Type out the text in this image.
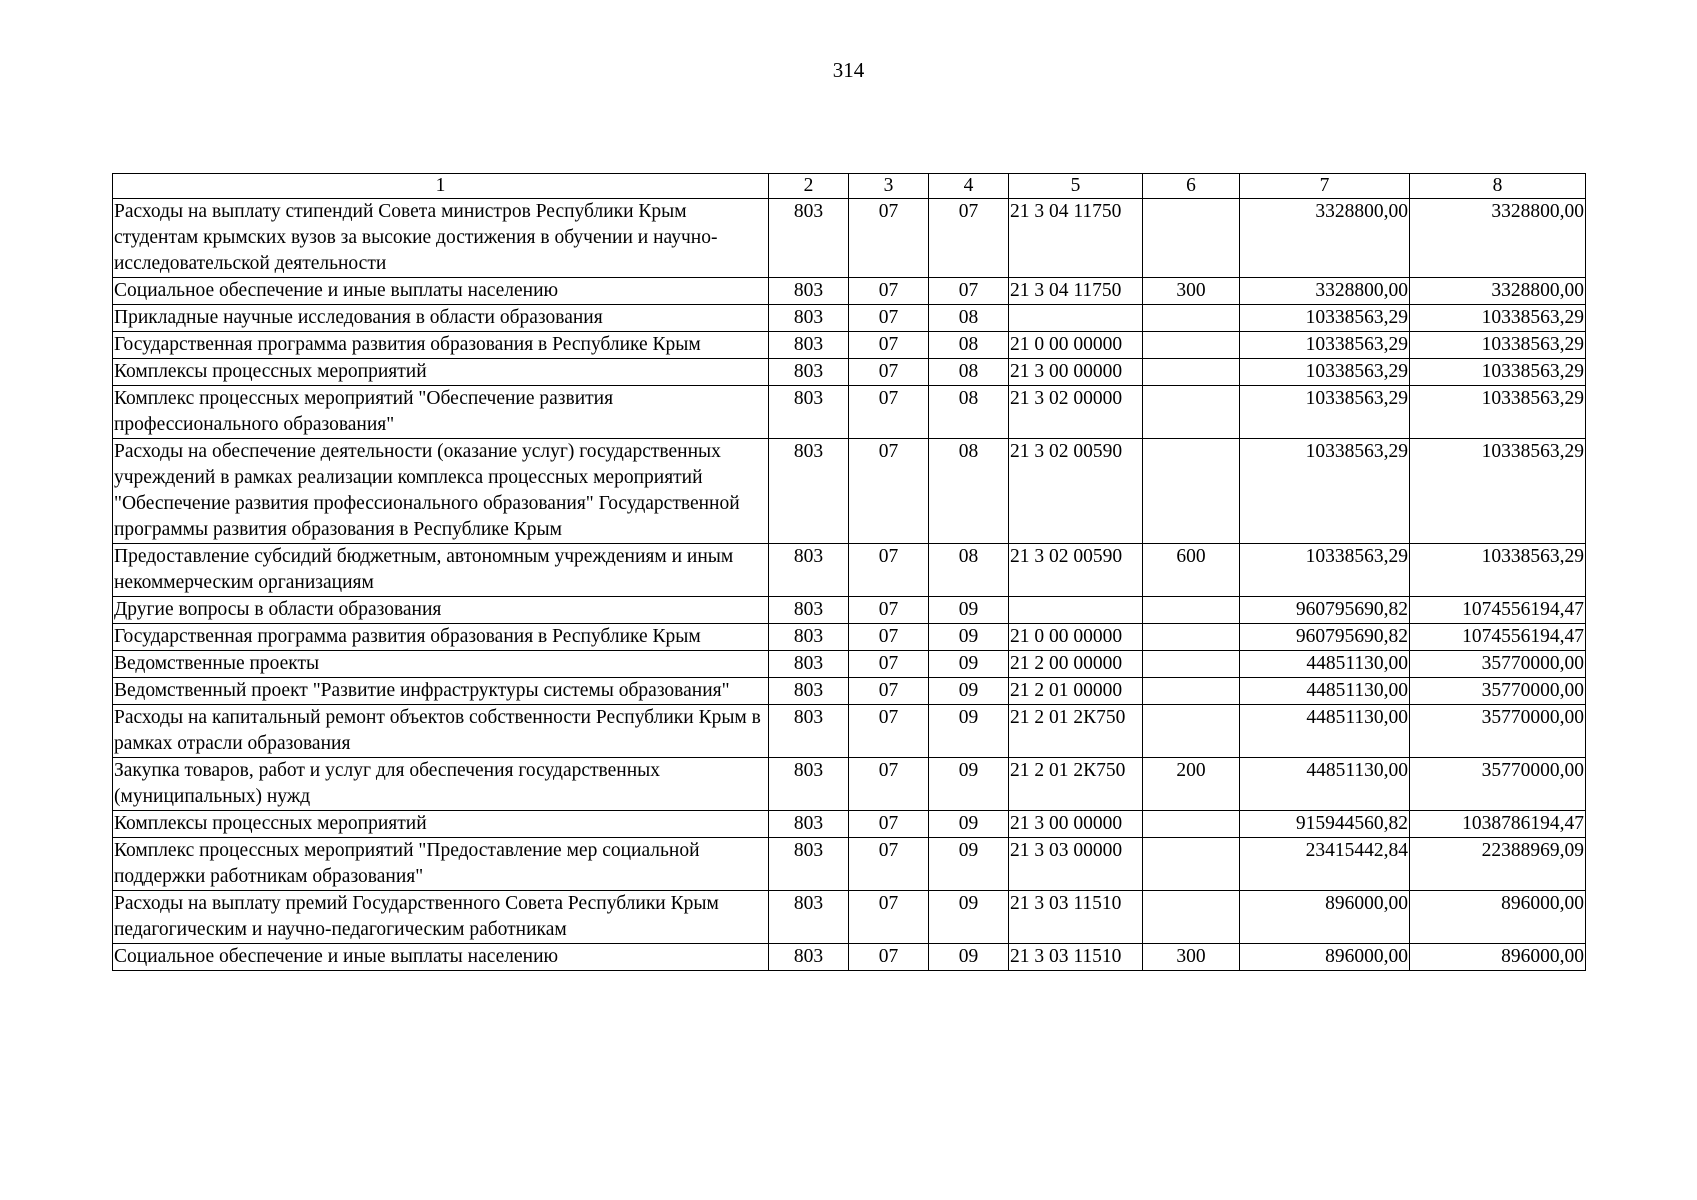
314
1	2	3	4	5	6	7	8
Расходы на выплату стипендий Совета министров Республики Крым студентам крымских вузов за высокие достижения в обучении и научно-исследовательской деятельности	803	07	07	21 3 04 11750		3328800,00	3328800,00
Социальное обеспечение и иные выплаты населению	803	07	07	21 3 04 11750	300	3328800,00	3328800,00
Прикладные научные исследования в области образования	803	07	08			10338563,29	10338563,29
Государственная программа развития образования в Республике Крым	803	07	08	21 0 00 00000		10338563,29	10338563,29
Комплексы процессных мероприятий	803	07	08	21 3 00 00000		10338563,29	10338563,29
Комплекс процессных мероприятий "Обеспечение развития профессионального образования"	803	07	08	21 3 02 00000		10338563,29	10338563,29
Расходы на обеспечение деятельности (оказание услуг) государственных учреждений в рамках реализации комплекса процессных мероприятий "Обеспечение развития профессионального образования" Государственной программы развития образования в Республике Крым	803	07	08	21 3 02 00590		10338563,29	10338563,29
Предоставление субсидий бюджетным, автономным учреждениям и иным некоммерческим организациям	803	07	08	21 3 02 00590	600	10338563,29	10338563,29
Другие вопросы в области образования	803	07	09			960795690,82	1074556194,47
Государственная программа развития образования в Республике Крым	803	07	09	21 0 00 00000		960795690,82	1074556194,47
Ведомственные проекты	803	07	09	21 2 00 00000		44851130,00	35770000,00
Ведомственный проект "Развитие инфраструктуры системы образования"	803	07	09	21 2 01 00000		44851130,00	35770000,00
Расходы на капитальный ремонт объектов собственности Республики Крым в рамках отрасли образования	803	07	09	21 2 01 2К750		44851130,00	35770000,00
Закупка товаров, работ и услуг для обеспечения государственных (муниципальных) нужд	803	07	09	21 2 01 2К750	200	44851130,00	35770000,00
Комплексы процессных мероприятий	803	07	09	21 3 00 00000		915944560,82	1038786194,47
Комплекс процессных мероприятий "Предоставление мер социальной поддержки работникам образования"	803	07	09	21 3 03 00000		23415442,84	22388969,09
Расходы на выплату премий Государственного Совета Республики Крым педагогическим и научно-педагогическим работникам	803	07	09	21 3 03 11510		896000,00	896000,00
Социальное обеспечение и иные выплаты населению	803	07	09	21 3 03 11510	300	896000,00	896000,00
